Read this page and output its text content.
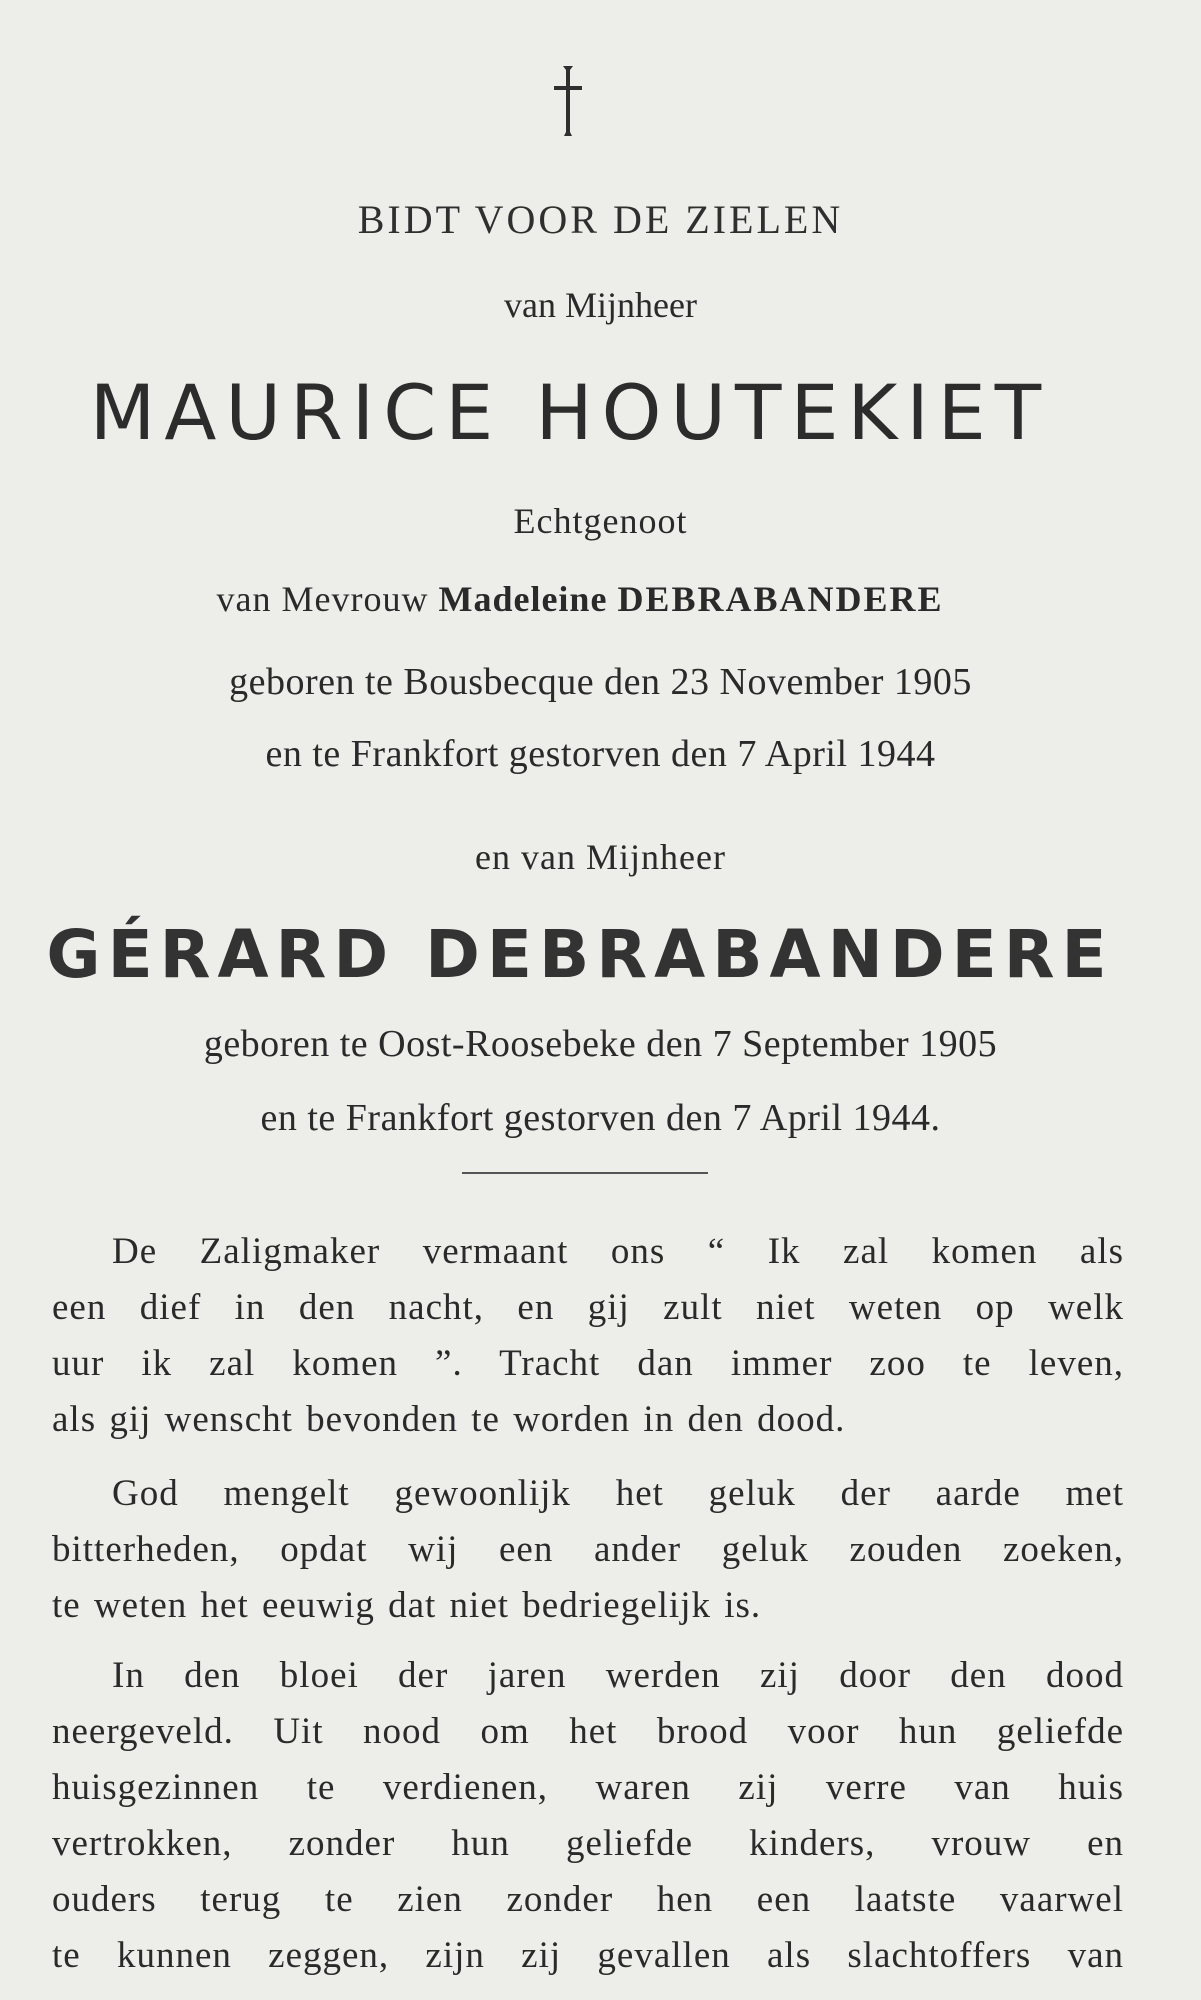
BIDT VOOR DE ZIELEN
van Mijnheer
MAURICE HOUTEKIET
Echtgenoot
van Mevrouw Madeleine DEBRABANDERE
geboren te Bousbecque den 23 November 1905
en te Frankfort gestorven den 7 April 1944
en van Mijnheer
GÉRARD DEBRABANDERE
geboren te Oost-Roosebeke den 7 September 1905
en te Frankfort gestorven den 7 April 1944.
De Zaligmaker vermaant ons “ Ik zal komen als
een dief in den nacht, en gij zult niet weten op welk
uur ik zal komen ”. Tracht dan immer zoo te leven,
als gij wenscht bevonden te worden in den dood.
God mengelt gewoonlijk het geluk der aarde met
bitterheden, opdat wij een ander geluk zouden zoeken,
te weten het eeuwig dat niet bedriegelijk is.
In den bloei der jaren werden zij door den dood
neergeveld. Uit nood om het brood voor hun geliefde
huisgezinnen te verdienen, waren zij verre van huis
vertrokken, zonder hun geliefde kinders, vrouw en
ouders terug te zien zonder hen een laatste vaarwel
te kunnen zeggen, zijn zij gevallen als slachtoffers van
